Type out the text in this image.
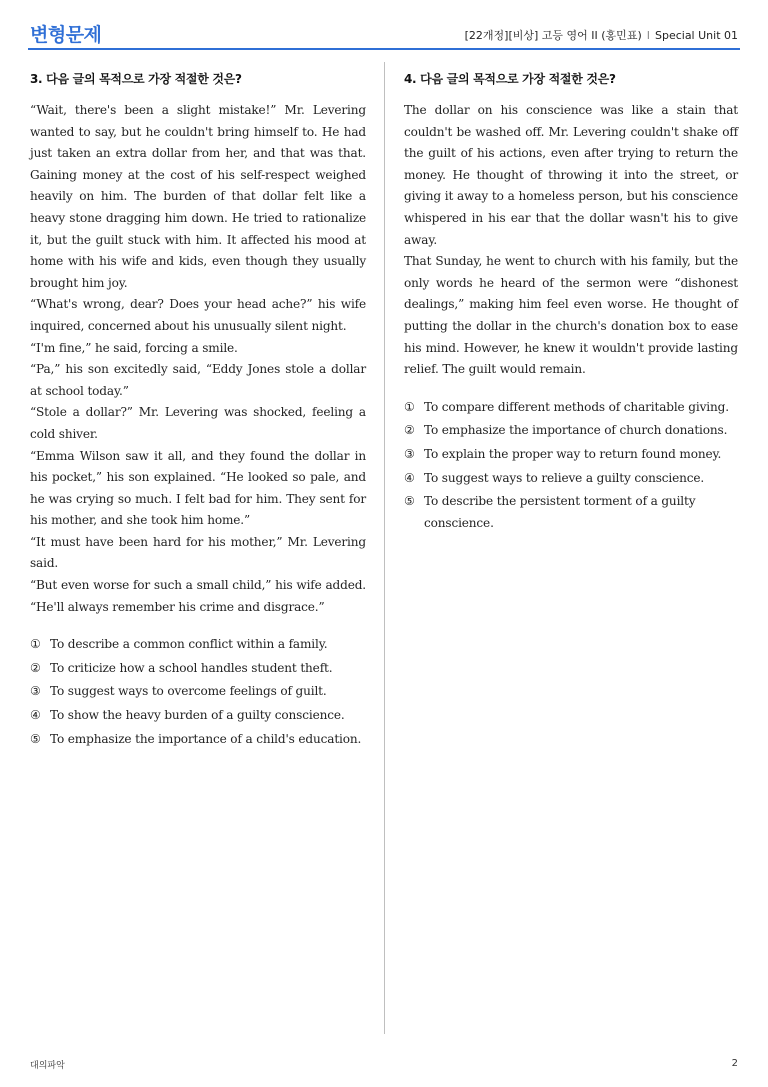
변형문제	[22개정][비상] 고등 영어 II (홍민표) I Special Unit 01
3. 다음 글의 목적으로 가장 적절한 것은?

“Wait, there's been a slight mistake!” Mr. Levering wanted to say, but he couldn't bring himself to. He had just taken an extra dollar from her, and that was that. Gaining money at the cost of his self-respect weighed heavily on him. The burden of that dollar felt like a heavy stone dragging him down. He tried to rationalize it, but the guilt stuck with him. It affected his mood at home with his wife and kids, even though they usually brought him joy.

“What's wrong, dear? Does your head ache?” his wife inquired, concerned about his unusually silent night.

“I'm fine,” he said, forcing a smile.

“Pa,” his son excitedly said, “Eddy Jones stole a dollar at school today.”

“Stole a dollar?” Mr. Levering was shocked, feeling a cold shiver.

“Emma Wilson saw it all, and they found the dollar in his pocket,” his son explained. “He looked so pale, and he was crying so much. I felt bad for him. They sent for his mother, and she took him home.”

“It must have been hard for his mother,” Mr. Levering said.

“But even worse for such a small child,” his wife added. “He'll always remember his crime and disgrace.”

① To describe a common conflict within a family.
② To criticize how a school handles student theft.
③ To suggest ways to overcome feelings of guilt.
④ To show the heavy burden of a guilty conscience.
⑤ To emphasize the importance of a child's education.
4. 다음 글의 목적으로 가장 적절한 것은?

The dollar on his conscience was like a stain that couldn't be washed off. Mr. Levering couldn't shake off the guilt of his actions, even after trying to return the money. He thought of throwing it into the street, or giving it away to a homeless person, but his conscience whispered in his ear that the dollar wasn't his to give away.

That Sunday, he went to church with his family, but the only words he heard of the sermon were “dishonest dealings,” making him feel even worse. He thought of putting the dollar in the church's donation box to ease his mind. However, he knew it wouldn't provide lasting relief. The guilt would remain.

① To compare different methods of charitable giving.
② To emphasize the importance of church donations.
③ To explain the proper way to return found money.
④ To suggest ways to relieve a guilty conscience.
⑤ To describe the persistent torment of a guilty conscience.
대의파악	2
